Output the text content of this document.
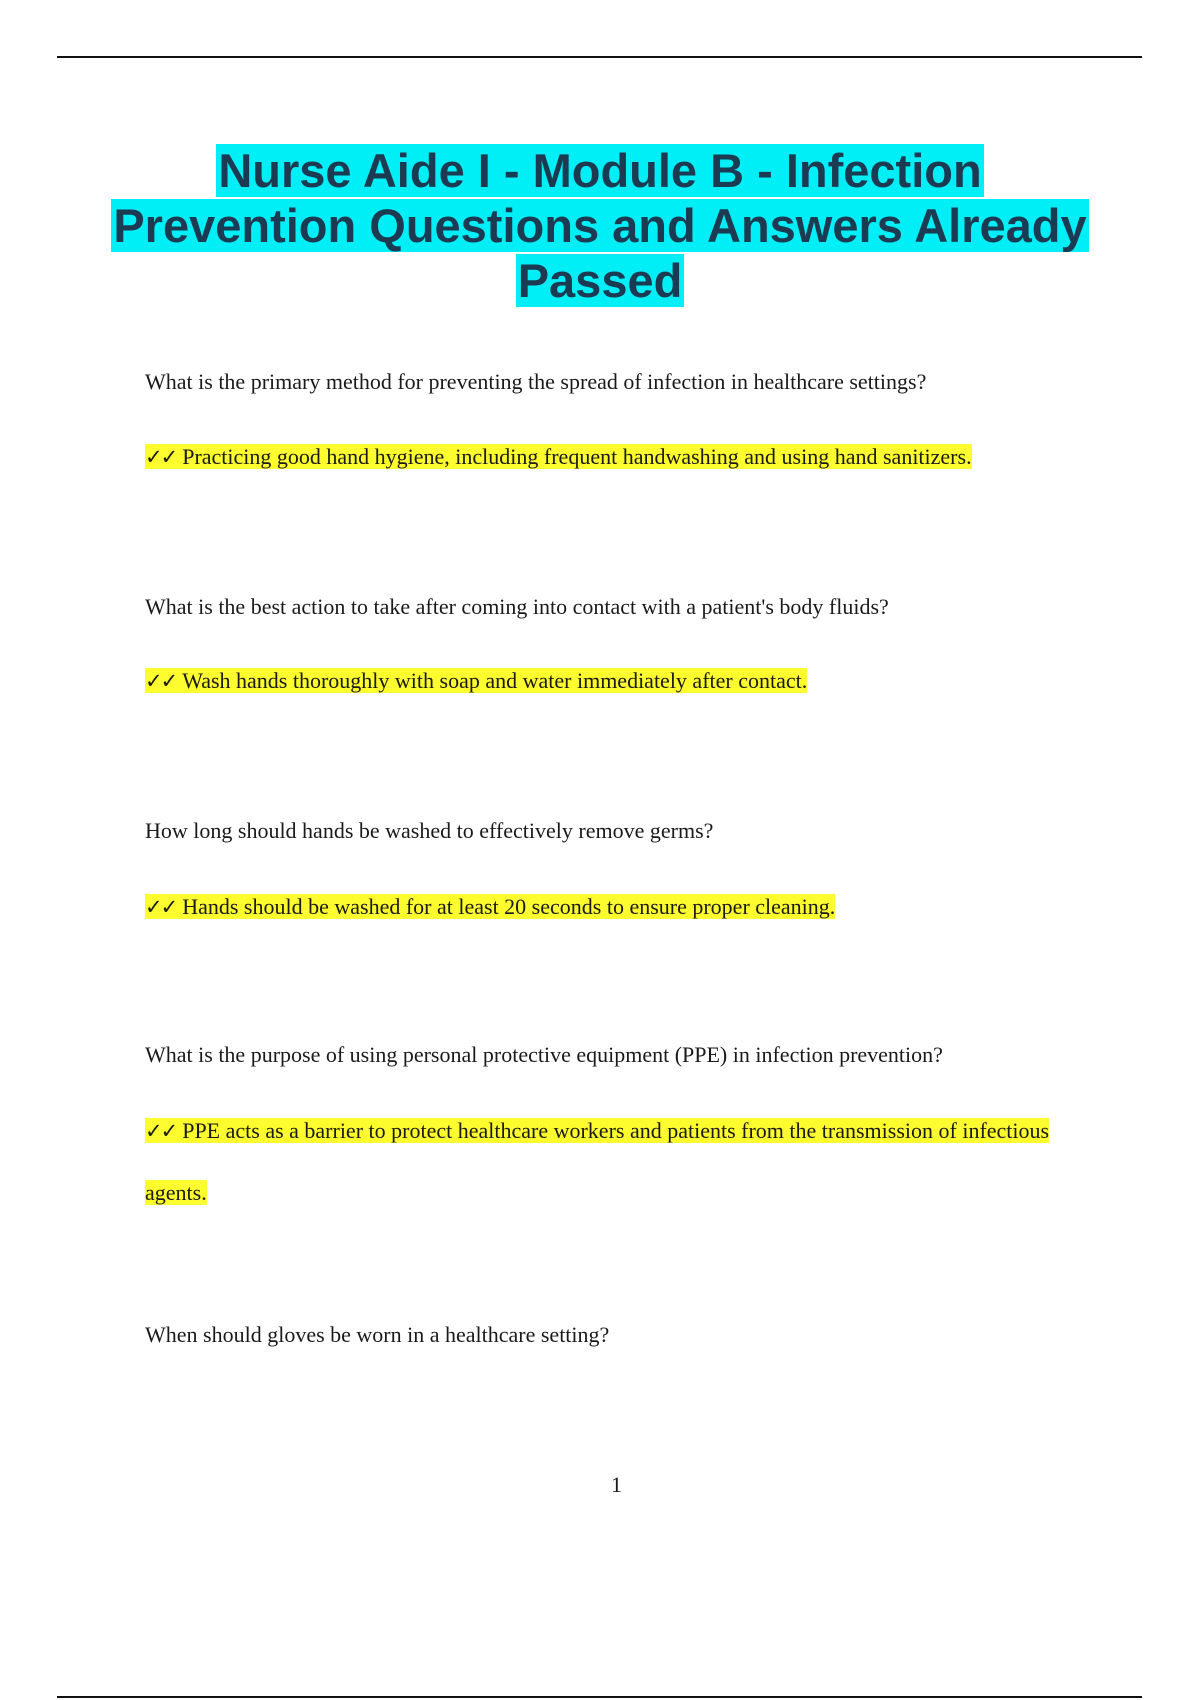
Nurse Aide I - Module B - Infection Prevention Questions and Answers Already Passed

What is the primary method for preventing the spread of infection in healthcare settings?

✓✓ Practicing good hand hygiene, including frequent handwashing and using hand sanitizers.

What is the best action to take after coming into contact with a patient's body fluids?

✓✓ Wash hands thoroughly with soap and water immediately after contact.

How long should hands be washed to effectively remove germs?

✓✓ Hands should be washed for at least 20 seconds to ensure proper cleaning.

What is the purpose of using personal protective equipment (PPE) in infection prevention?

✓✓ PPE acts as a barrier to protect healthcare workers and patients from the transmission of infectious agents.

When should gloves be worn in a healthcare setting?

1
